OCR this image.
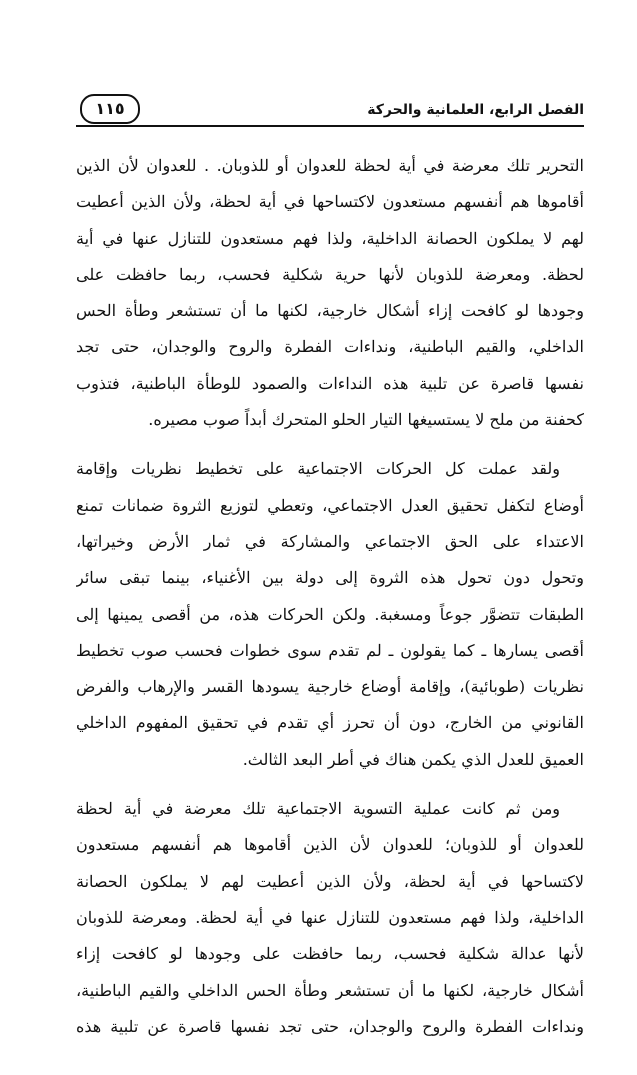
الفصل الرابع، العلمانية والحركة
١١٥
التحرير تلك معرضة في أية لحظة للعدوان أو للذوبان. . للعدوان لأن الذين
أقاموها هم أنفسهم مستعدون لاكتساحها في أية لحظة، ولأن الذين أعطيت
لهم لا يملكون الحصانة الداخلية، ولذا فهم مستعدون للتنازل عنها في أية
لحظة. ومعرضة للذوبان لأنها حرية شكلية فحسب، ربما حافظت على
وجودها لو كافحت إزاء أشكال خارجية، لكنها ما أن تستشعر وطأة الحس
الداخلي، والقيم الباطنية، ونداءات الفطرة والروح والوجدان، حتى تجد
نفسها قاصرة عن تلبية هذه النداءات والصمود للوطأة الباطنية، فتذوب
كحفنة من ملح لا يستسيغها التيار الحلو المتحرك أبداً صوب مصيره.
ولقد عملت كل الحركات الاجتماعية على تخطيط نظريات وإقامة
أوضاع لتكفل تحقيق العدل الاجتماعي، وتعطي لتوزيع الثروة ضمانات تمنع
الاعتداء على الحق الاجتماعي والمشاركة في ثمار الأرض وخيراتها،
وتحول دون تحول هذه الثروة إلى دولة بين الأغنياء، بينما تبقى سائر
الطبقات تتضوَّر جوعاً ومسغبة. ولكن الحركات هذه، من أقصى يمينها إلى
أقصى يسارها ـ كما يقولون ـ لم تقدم سوى خطوات فحسب صوب تخطيط
نظريات (طوبائية)، وإقامة أوضاع خارجية يسودها القسر والإرهاب والفرض
القانوني من الخارج، دون أن تحرز أي تقدم في تحقيق المفهوم الداخلي
العميق للعدل الذي يكمن هناك في أطر البعد الثالث.
ومن ثم كانت عملية التسوية الاجتماعية تلك معرضة في أية لحظة
للعدوان أو للذوبان؛ للعدوان لأن الذين أقاموها هم أنفسهم مستعدون
لاكتساحها في أية لحظة، ولأن الذين أعطيت لهم لا يملكون الحصانة
الداخلية، ولذا فهم مستعدون للتنازل عنها في أية لحظة. ومعرضة للذوبان
لأنها عدالة شكلية فحسب، ربما حافظت على وجودها لو كافحت إزاء
أشكال خارجية، لكنها ما أن تستشعر وطأة الحس الداخلي والقيم الباطنية،
ونداءات الفطرة والروح والوجدان، حتى تجد نفسها قاصرة عن تلبية هذه
